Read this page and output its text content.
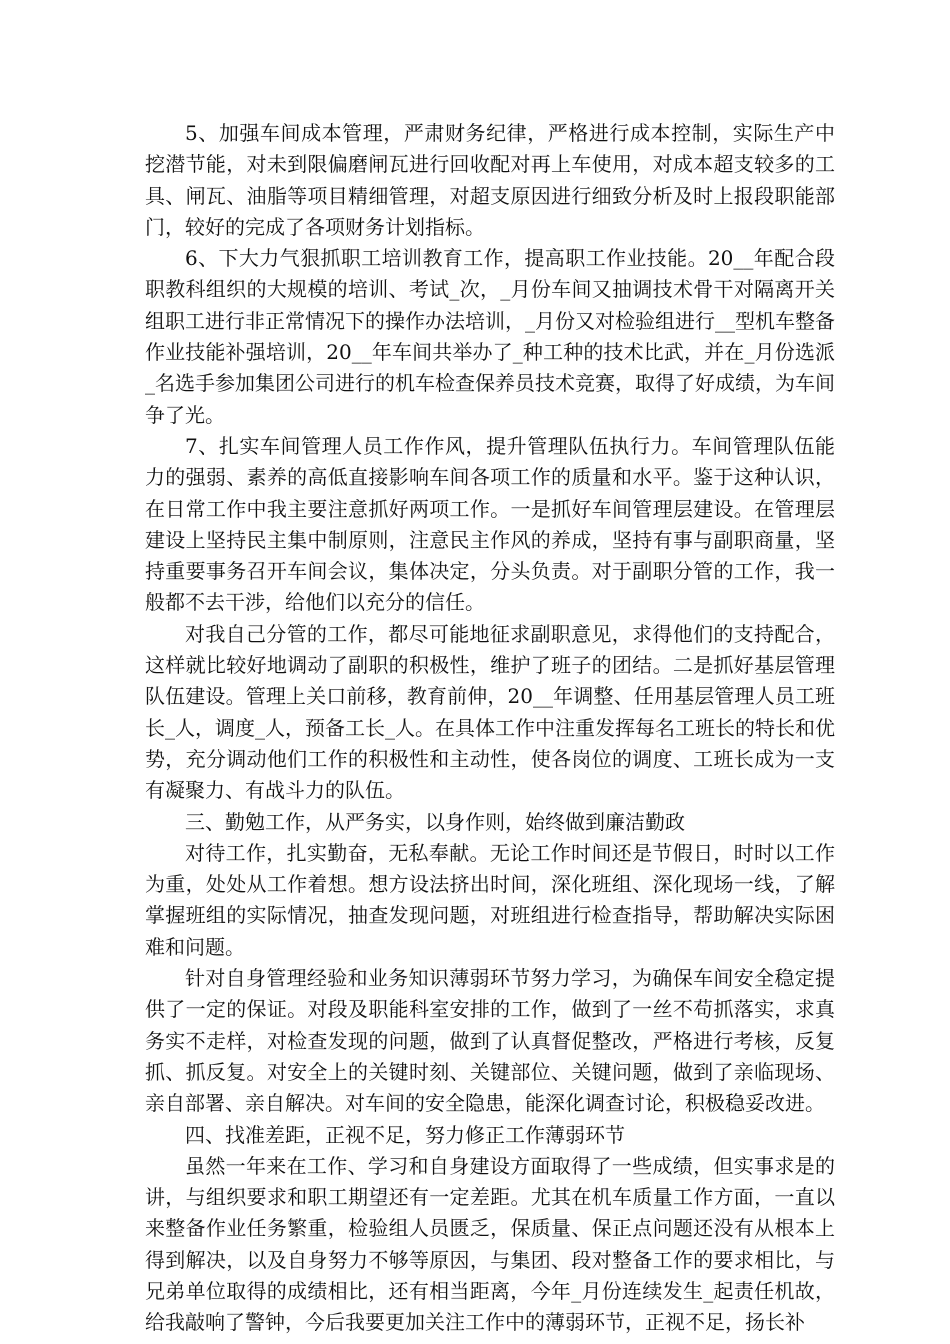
5、加强车间成本管理，严肃财务纪律，严格进行成本控制，实际生产中挖潜节能，对未到限偏磨闸瓦进行回收配对再上车使用，对成本超支较多的工具、闸瓦、油脂等项目精细管理，对超支原因进行细致分析及时上报段职能部门，较好的完成了各项财务计划指标。

6、下大力气狠抓职工培训教育工作，提高职工作业技能。20__年配合段职教科组织的大规模的培训、考试_次，_月份车间又抽调技术骨干对隔离开关组职工进行非正常情况下的操作办法培训，_月份又对检验组进行__型机车整备作业技能补强培训，20__年车间共举办了_种工种的技术比武，并在_月份选派_名选手参加集团公司进行的机车检查保养员技术竞赛，取得了好成绩，为车间争了光。

7、扎实车间管理人员工作作风，提升管理队伍执行力。车间管理队伍能力的强弱、素养的高低直接影响车间各项工作的质量和水平。鉴于这种认识，在日常工作中我主要注意抓好两项工作。一是抓好车间管理层建设。在管理层建设上坚持民主集中制原则，注意民主作风的养成，坚持有事与副职商量，坚持重要事务召开车间会议，集体决定，分头负责。对于副职分管的工作，我一般都不去干涉，给他们以充分的信任。

对我自己分管的工作，都尽可能地征求副职意见，求得他们的支持配合，这样就比较好地调动了副职的积极性，维护了班子的团结。二是抓好基层管理队伍建设。管理上关口前移，教育前伸，20__年调整、任用基层管理人员工班长_人，调度_人，预备工长_人。在具体工作中注重发挥每名工班长的特长和优势，充分调动他们工作的积极性和主动性，使各岗位的调度、工班长成为一支有凝聚力、有战斗力的队伍。

三、勤勉工作，从严务实，以身作则，始终做到廉洁勤政

对待工作，扎实勤奋，无私奉献。无论工作时间还是节假日，时时以工作为重，处处从工作着想。想方设法挤出时间，深化班组、深化现场一线，了解掌握班组的实际情况，抽查发现问题，对班组进行检查指导，帮助解决实际困难和问题。

针对自身管理经验和业务知识薄弱环节努力学习，为确保车间安全稳定提供了一定的保证。对段及职能科室安排的工作，做到了一丝不苟抓落实，求真务实不走样，对检查发现的问题，做到了认真督促整改，严格进行考核，反复抓、抓反复。对安全上的关键时刻、关键部位、关键问题，做到了亲临现场、亲自部署、亲自解决。对车间的安全隐患，能深化调查讨论，积极稳妥改进。

四、找准差距，正视不足，努力修正工作薄弱环节

虽然一年来在工作、学习和自身建设方面取得了一些成绩，但实事求是的讲，与组织要求和职工期望还有一定差距。尤其在机车质量工作方面，一直以来整备作业任务繁重，检验组人员匮乏，保质量、保正点问题还没有从根本上得到解决，以及自身努力不够等原因，与集团、段对整备工作的要求相比，与兄弟单位取得的成绩相比，还有相当距离，今年_月份连续发生_起责任机故，给我敲响了警钟，今后我要更加关注工作中的薄弱环节，正视不足，扬长补
